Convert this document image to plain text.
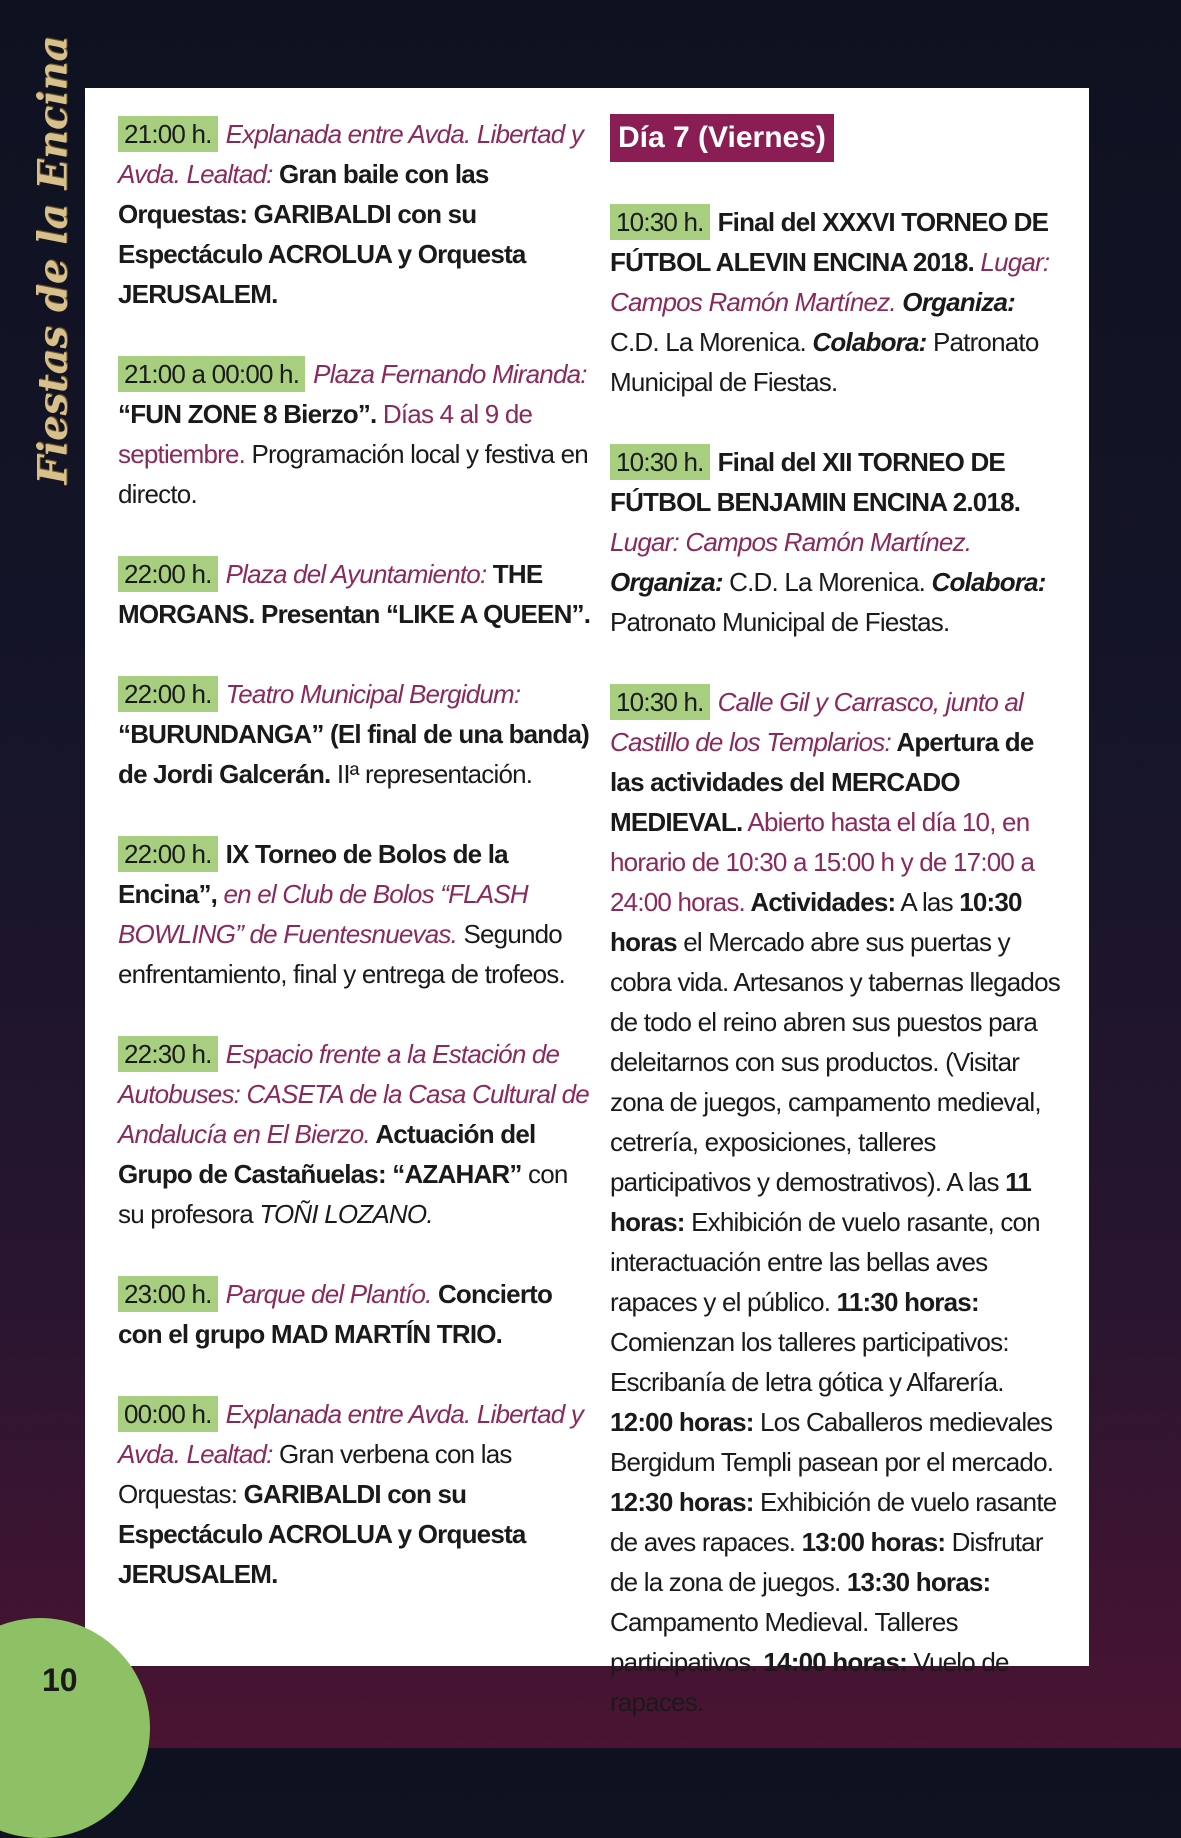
Fiestas de la Encina 21:00 h. Explanada entre Avda. Libertad y Avda. Lealtad: Gran baile con las Orquestas: GARIBALDI con su Espectáculo ACROLUA y Orquesta JERUSALEM.

21:00 a 00:00 h. Plaza Fernando Miranda: “FUN ZONE 8 Bierzo”. Días 4 al 9 de septiembre. Programación local y festiva en directo.

22:00 h. Plaza del Ayuntamiento: THE MORGANS. Presentan “LIKE A QUEEN”.

22:00 h. Teatro Municipal Bergidum: “BURUNDANGA” (El final de una banda) de Jordi Galcerán. IIª representación.

22:00 h. IX Torneo de Bolos de la Encina”, en el Club de Bolos “FLASH BOWLING” de Fuentesnuevas. Segundo enfrentamiento, final y entrega de trofeos.

22:30 h. Espacio frente a la Estación de Autobuses: CASETA de la Casa Cultural de Andalucía en El Bierzo. Actuación del Grupo de Castañuelas: “AZAHAR” con su profesora TOÑI LOZANO.

23:00 h. Parque del Plantío. Concierto con el grupo MAD MARTÍN TRIO.

00:00 h. Explanada entre Avda. Libertad y Avda. Lealtad: Gran verbena con las Orquestas: GARIBALDI con su Espectáculo ACROLUA y Orquesta JERUSALEM.

Día 7 (Viernes)

10:30 h. Final del XXXVI TORNEO DE FÚTBOL ALEVIN ENCINA 2018. Lugar: Campos Ramón Martínez. Organiza: C.D. La Morenica. Colabora: Patronato Municipal de Fiestas.

10:30 h. Final del XII TORNEO DE FÚTBOL BENJAMIN ENCINA 2.018. Lugar: Campos Ramón Martínez. Organiza: C.D. La Morenica. Colabora: Patronato Municipal de Fiestas.

10:30 h. Calle Gil y Carrasco, junto al Castillo de los Templarios: Apertura de las actividades del MERCADO MEDIEVAL. Abierto hasta el día 10, en horario de 10:30 a 15:00 h y de 17:00 a 24:00 horas. Actividades: A las 10:30 horas el Mercado abre sus puertas y cobra vida. Artesanos y tabernas llegados de todo el reino abren sus puestos para deleitarnos con sus productos. (Visitar zona de juegos, campamento medieval, cetrería, exposiciones, talleres participativos y demostrativos). A las 11 horas: Exhibición de vuelo rasante, con interactuación entre las bellas aves rapaces y el público. 11:30 horas: Comienzan los talleres participativos: Escribanía de letra gótica y Alfarería. 12:00 horas: Los Caballeros medievales Bergidum Templi pasean por el mercado. 12:30 horas: Exhibición de vuelo rasante de aves rapaces. 13:00 horas: Disfrutar de la zona de juegos. 13:30 horas: Campamento Medieval. Talleres participativos. 14:00 horas: Vuelo de rapaces.

10
